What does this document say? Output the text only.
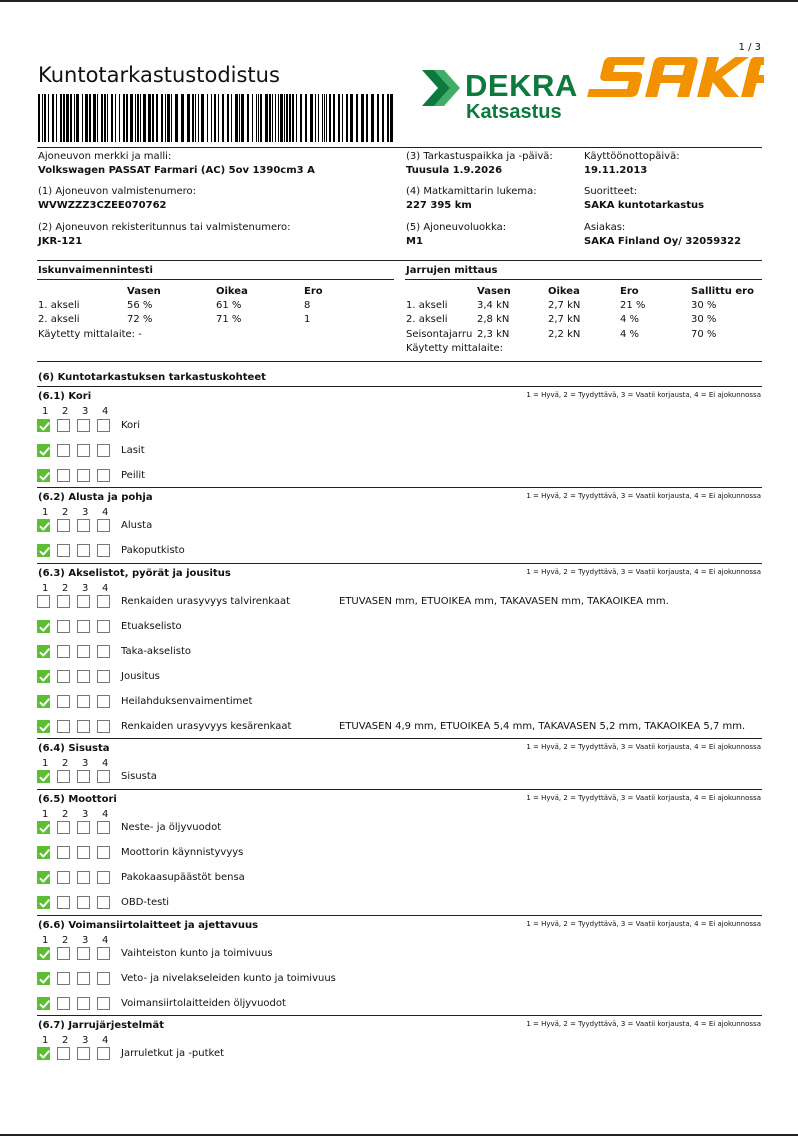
1 / 3
Kuntotarkastustodistus	DEKRA
Katsastus
Ajoneuvon merkki ja malli:
Volkswagen PASSAT Farmari (AC) 5ov 1390cm3 A
(1) Ajoneuvon valmistenumero:
WVWZZZ3CZEE070762
(2) Ajoneuvon rekisteritunnus tai valmistenumero:
JKR-121
(3) Tarkastuspaikka ja -päivä:
Tuusula 1.9.2026
(4) Matkamittarin lukema:
227 395 km
(5) Ajoneuvoluokka:
M1
Käyttöönottopäivä:
19.11.2013
Suoritteet:
SAKA kuntotarkastus
Asiakas:
SAKA Finland Oy/ 32059322
Iskunvaimennintesti
Vasen	Oikea	Ero
1. akseli	56 %	61 %	8
2. akseli	72 %	71 %	1
Käytetty mittalaite: -
Jarrujen mittaus
Vasen	Oikea	Ero	Sallittu ero
1. akseli	3,4 kN	2,7 kN	21 %	30 %
2. akseli	2,8 kN	2,7 kN	4 %	30 %
Seisontajarru 2,3 kN	2,2 kN	4 %	70 %
Käytetty mittalaite:
(6) Kuntotarkastuksen tarkastuskohteet
(6.1) Kori	1 = Hyvä, 2 = Tyydyttävä, 3 = Vaatii korjausta, 4 = Ei ajokunnossa
1 2 3 4
Kori
Lasit
Peilit
(6.2) Alusta ja pohja	1 = Hyvä, 2 = Tyydyttävä, 3 = Vaatii korjausta, 4 = Ei ajokunnossa
1 2 3 4
Alusta
Pakoputkisto
(6.3) Akselistot, pyörät ja jousitus	1 = Hyvä, 2 = Tyydyttävä, 3 = Vaatii korjausta, 4 = Ei ajokunnossa
1 2 3 4
Renkaiden urasyvyys talvirenkaat	ETUVASEN mm, ETUOIKEA mm, TAKAVASEN mm, TAKAOIKEA mm.
Etuakselisto
Taka-akselisto
Jousitus
Heilahduksenvaimentimet
Renkaiden urasyvyys kesärenkaat	ETUVASEN 4,9 mm, ETUOIKEA 5,4 mm, TAKAVASEN 5,2 mm, TAKAOIKEA 5,7 mm.
(6.4) Sisusta	1 = Hyvä, 2 = Tyydyttävä, 3 = Vaatii korjausta, 4 = Ei ajokunnossa
1 2 3 4
Sisusta
(6.5) Moottori	1 = Hyvä, 2 = Tyydyttävä, 3 = Vaatii korjausta, 4 = Ei ajokunnossa
1 2 3 4
Neste- ja öljyvuodot
Moottorin käynnistyvyys
Pakokaasupäästöt bensa
OBD-testi
(6.6) Voimansiirtolaitteet ja ajettavuus	1 = Hyvä, 2 = Tyydyttävä, 3 = Vaatii korjausta, 4 = Ei ajokunnossa
1 2 3 4
Vaihteiston kunto ja toimivuus
Veto- ja nivelakseleiden kunto ja toimivuus
Voimansiirtolaitteiden öljyvuodot
(6.7) Jarrujärjestelmät	1 = Hyvä, 2 = Tyydyttävä, 3 = Vaatii korjausta, 4 = Ei ajokunnossa
1 2 3 4
Jarruletkut ja -putket
